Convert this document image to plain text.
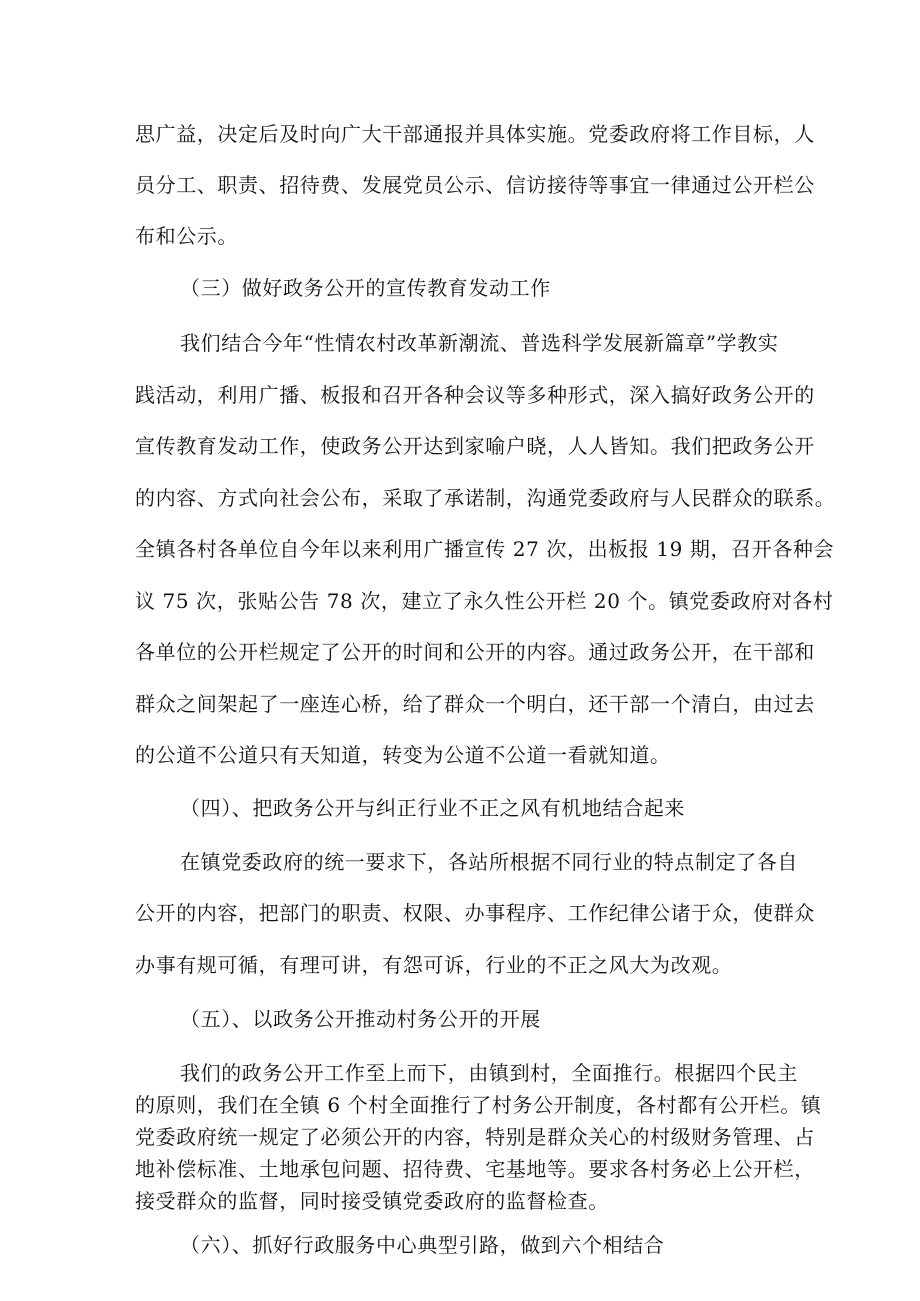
思广益，决定后及时向广大干部通报并具体实施。党委政府将工作目标，人

员分工、职责、招待费、发展党员公示、信访接待等事宜一律通过公开栏公

布和公示。

（三）做好政务公开的宣传教育发动工作

我们结合今年“性情农村改革新潮流、普选科学发展新篇章”学教实

践活动，利用广播、板报和召开各种会议等多种形式，深入搞好政务公开的

宣传教育发动工作，使政务公开达到家喻户晓，人人皆知。我们把政务公开

的内容、方式向社会公布，采取了承诺制，沟通党委政府与人民群众的联系。

全镇各村各单位自今年以来利用广播宣传 27 次，出板报 19 期，召开各种会

议 75 次，张贴公告 78 次，建立了永久性公开栏 20 个。镇党委政府对各村

各单位的公开栏规定了公开的时间和公开的内容。通过政务公开，在干部和

群众之间架起了一座连心桥，给了群众一个明白，还干部一个清白，由过去

的公道不公道只有天知道，转变为公道不公道一看就知道。

（四）、把政务公开与纠正行业不正之风有机地结合起来

在镇党委政府的统一要求下，各站所根据不同行业的特点制定了各自

公开的内容，把部门的职责、权限、办事程序、工作纪律公诸于众，使群众

办事有规可循，有理可讲，有怨可诉，行业的不正之风大为改观。

（五）、以政务公开推动村务公开的开展

我们的政务公开工作至上而下，由镇到村，全面推行。根据四个民主

的原则，我们在全镇 6 个村全面推行了村务公开制度，各村都有公开栏。镇

党委政府统一规定了必须公开的内容，特别是群众关心的村级财务管理、占

地补偿标准、土地承包问题、招待费、宅基地等。要求各村务必上公开栏，

接受群众的监督，同时接受镇党委政府的监督检查。

（六）、抓好行政服务中心典型引路，做到六个相结合
